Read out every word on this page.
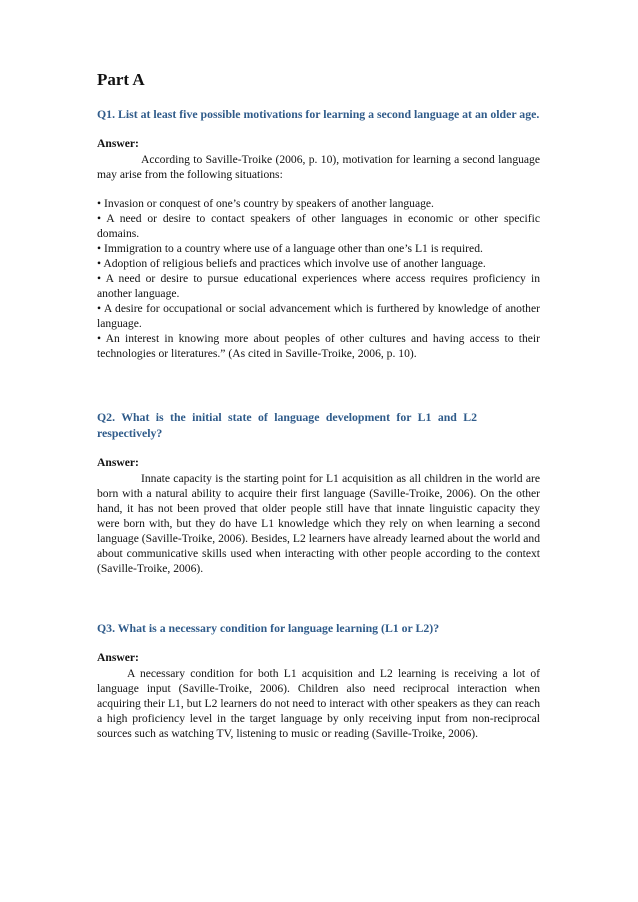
Part A
Q1. List at least five possible motivations for learning a second language at an older age.
Answer:

According to Saville-Troike (2006, p. 10), motivation for learning a second language may arise from the following situations:

• Invasion or conquest of one’s country by speakers of another language.
• A need or desire to contact speakers of other languages in economic or other specific domains.
• Immigration to a country where use of a language other than one’s L1 is required.
• Adoption of religious beliefs and practices which involve use of another language.
• A need or desire to pursue educational experiences where access requires proficiency in another language.
• A desire for occupational or social advancement which is furthered by knowledge of another language.
• An interest in knowing more about peoples of other cultures and having access to their technologies or literatures.” (As cited in Saville-Troike, 2006, p. 10).
Q2. What is the initial state of language development for L1 and L2 respectively?
Answer:

Innate capacity is the starting point for L1 acquisition as all children in the world are born with a natural ability to acquire their first language (Saville-Troike, 2006). On the other hand, it has not been proved that older people still have that innate linguistic capacity they were born with, but they do have L1 knowledge which they rely on when learning a second language (Saville-Troike, 2006). Besides, L2 learners have already learned about the world and about communicative skills used when interacting with other people according to the context (Saville-Troike, 2006).

Q3. What is a necessary condition for language learning (L1 or L2)?
Answer:

A necessary condition for both L1 acquisition and L2 learning is receiving a lot of language input (Saville-Troike, 2006). Children also need reciprocal interaction when acquiring their L1, but L2 learners do not need to interact with other speakers as they can reach a high proficiency level in the target language by only receiving input from non-reciprocal sources such as watching TV, listening to music or reading (Saville-Troike, 2006).
